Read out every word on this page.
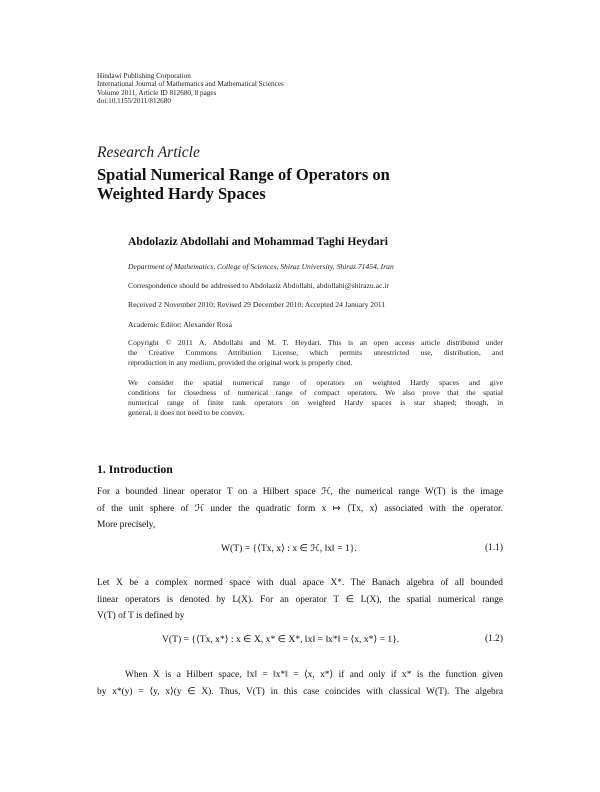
Hindawi Publishing Corporation
International Journal of Mathematics and Mathematical Sciences
Volume 2011, Article ID 812680, 8 pages
doi:10.1155/2011/812680
Research Article
Spatial Numerical Range of Operators on
Weighted Hardy Spaces
Abdolaziz Abdollahi and Mohammad Taghi Heydari
Department of Mathematics, College of Sciences, Shiraz University, Shiraz 71454, Iran
Correspondence should be addressed to Abdolaziz Abdollahi, abdollahi@shirazu.ac.ir
Received 2 November 2010; Revised 29 December 2010; Accepted 24 January 2011
Academic Editor: Alexander Rosa
Copyright © 2011 A. Abdollahi and M. T. Heydari. This is an open access article distributed under
the Creative Commons Attribution License, which permits unrestricted use, distribution, and
reproduction in any medium, provided the original work is properly cited.
We consider the spatial numerical range of operators on weighted Hardy spaces and give
conditions for closedness of numerical range of compact operators. We also prove that the spatial
numerical range of finite rank operators on weighted Hardy spaces is star shaped; though, in
general, it does not need to be convex.
1. Introduction
For a bounded linear operator T on a Hilbert space ℋ, the numerical range W(T) is the image
of the unit sphere of ℋ under the quadratic form x ↦ ⟨Tx, x⟩ associated with the operator.
More precisely,
W(T) = {⟨Tx, x⟩ : x ∈ ℋ, ‖x‖ = 1}.	(1.1)
Let X be a complex normed space with dual apace X*. The Banach algebra of all bounded
linear operators is denoted by L(X). For an operator T ∈ L(X), the spatial numerical range
V(T) of T is defined by
V(T) = {⟨Tx, x*⟩ : x ∈ X, x* ∈ X*, ‖x‖ = ‖x*‖ = ⟨x, x*⟩ = 1}.	(1.2)
When X is a Hilbert space, ‖x‖ = ‖x*‖ = ⟨x, x*⟩ if and only if x* is the function given
by x*(y) = ⟨y, x⟩(y ∈ X). Thus, V(T) in this case coincides with classical W(T). The algebra
